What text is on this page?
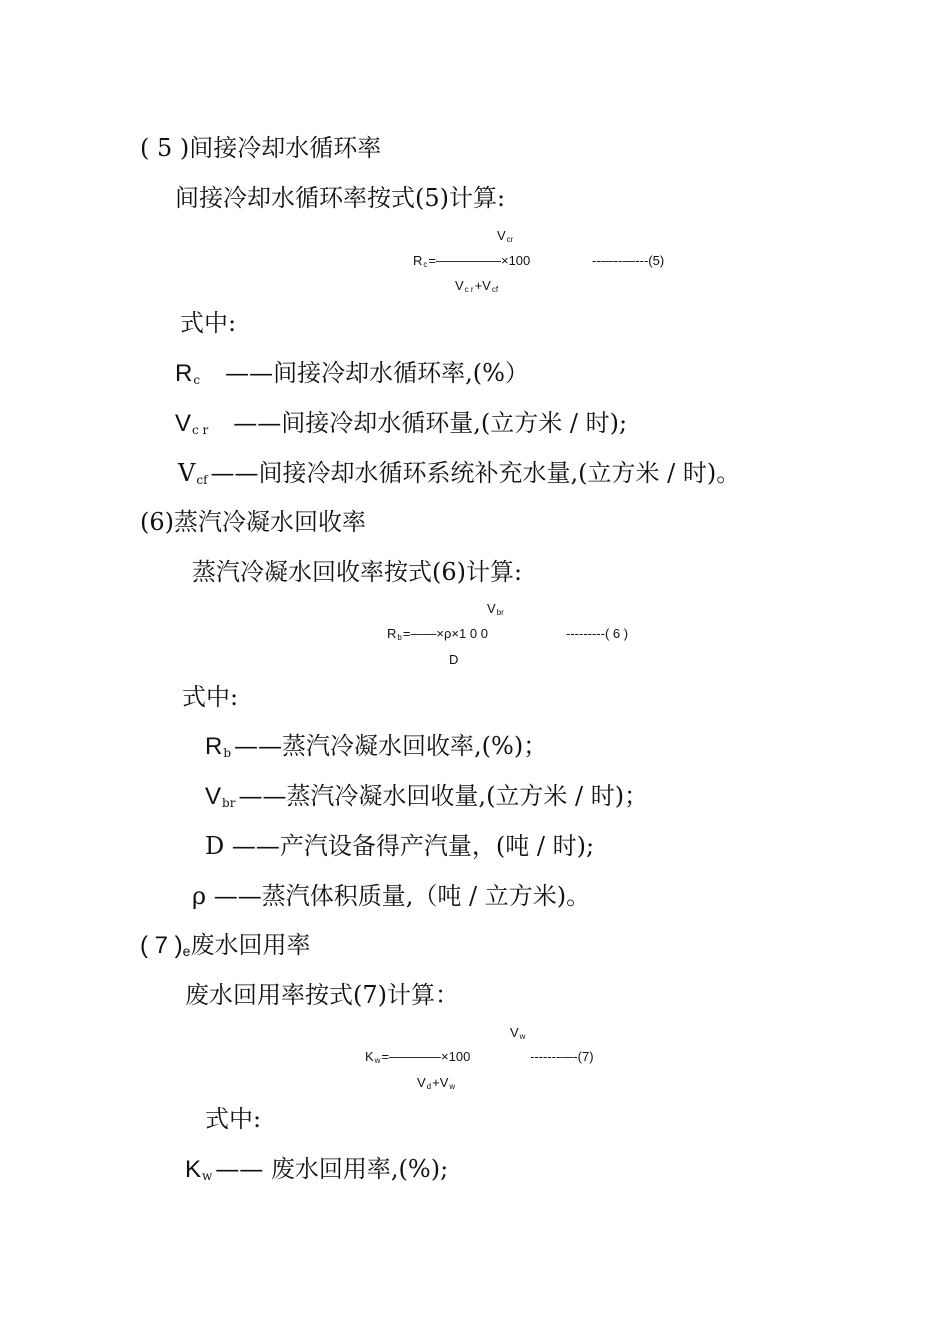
( 5 )间接冷却水循环率
间接冷却水循环率按式(5)计算:
$V_{cr}$
$R_c=—————\times 100$	--—--—---(5)
$V_{c r}+V_{cf}$
式中:
$R_c$ ——间接冷却水循环率,(%）
$V_{c r}$ ——间接冷却水循环量,(立方米 / 时);
$V_{cf}$ ——间接冷却水循环系统补充水量,(立方米 / 时)。
(6)蒸汽冷凝水回收率
蒸汽冷凝水回收率按式(6)计算:
$V_{br}$
$R_b=——\times\rho\times 1$ 0 0	---------( 6 )
D
式中:
$R_b$ ——蒸汽冷凝水回收率,(%)；
$V_{br}$ ——蒸汽冷凝水回收量,(立方米 / 时)；
D ——产汽设备得产汽量，(吨 / 时);
ρ ——蒸汽体积质量,（吨 / 立方米)。
( 7 )$_e$废水回用率
废水回用率按式(7)计算：
$V_w$
$K_w=————\times 100$	-------—-(7)
$V_d+V_w$
式中:
$K_w$ —— 废水回用率,(%);
